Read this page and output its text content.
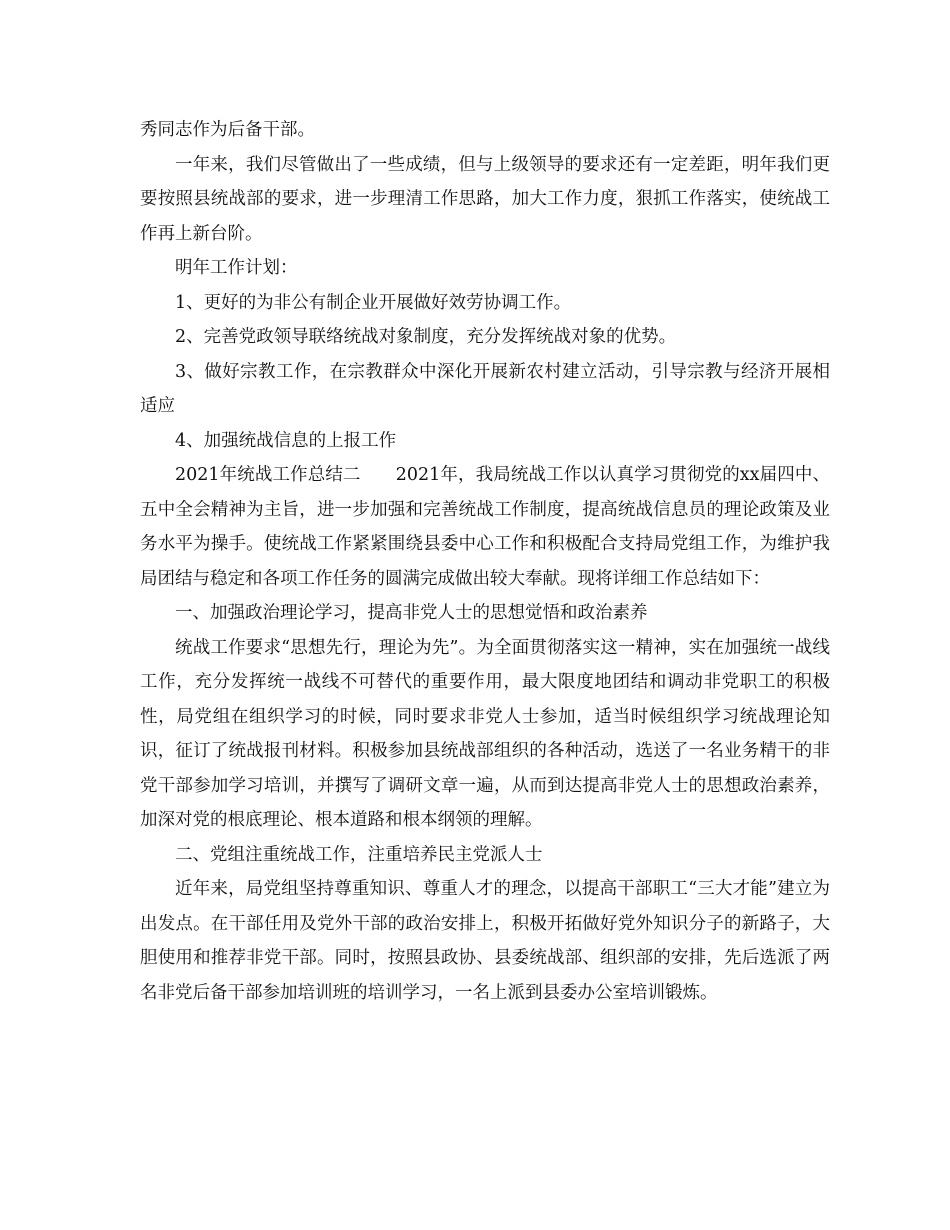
秀同志作为后备干部。

一年来，我们尽管做出了一些成绩，但与上级领导的要求还有一定差距，明年我们更要按照县统战部的要求，进一步理清工作思路，加大工作力度，狠抓工作落实，使统战工作再上新台阶。

明年工作计划：

1、更好的为非公有制企业开展做好效劳协调工作。

2、完善党政领导联络统战对象制度，充分发挥统战对象的优势。

3、做好宗教工作，在宗教群众中深化开展新农村建立活动，引导宗教与经济开展相适应

4、加强统战信息的上报工作

2021年统战工作总结二　　2021年，我局统战工作以认真学习贯彻党的xx届四中、五中全会精神为主旨，进一步加强和完善统战工作制度，提高统战信息员的理论政策及业务水平为操手。使统战工作紧紧围绕县委中心工作和积极配合支持局党组工作，为维护我局团结与稳定和各项工作任务的圆满完成做出较大奉献。现将详细工作总结如下：

一、加强政治理论学习，提高非党人士的思想觉悟和政治素养

统战工作要求“思想先行，理论为先”。为全面贯彻落实这一精神，实在加强统一战线工作，充分发挥统一战线不可替代的重要作用，最大限度地团结和调动非党职工的积极性，局党组在组织学习的时候，同时要求非党人士参加，适当时候组织学习统战理论知识，征订了统战报刊材料。积极参加县统战部组织的各种活动，选送了一名业务精干的非党干部参加学习培训，并撰写了调研文章一遍，从而到达提高非党人士的思想政治素养，加深对党的根底理论、根本道路和根本纲领的理解。

二、党组注重统战工作，注重培养民主党派人士

近年来，局党组坚持尊重知识、尊重人才的理念，以提高干部职工“三大才能”建立为出发点。在干部任用及党外干部的政治安排上，积极开拓做好党外知识分子的新路子，大胆使用和推荐非党干部。同时，按照县政协、县委统战部、组织部的安排，先后选派了两名非党后备干部参加培训班的培训学习，一名上派到县委办公室培训锻炼。
